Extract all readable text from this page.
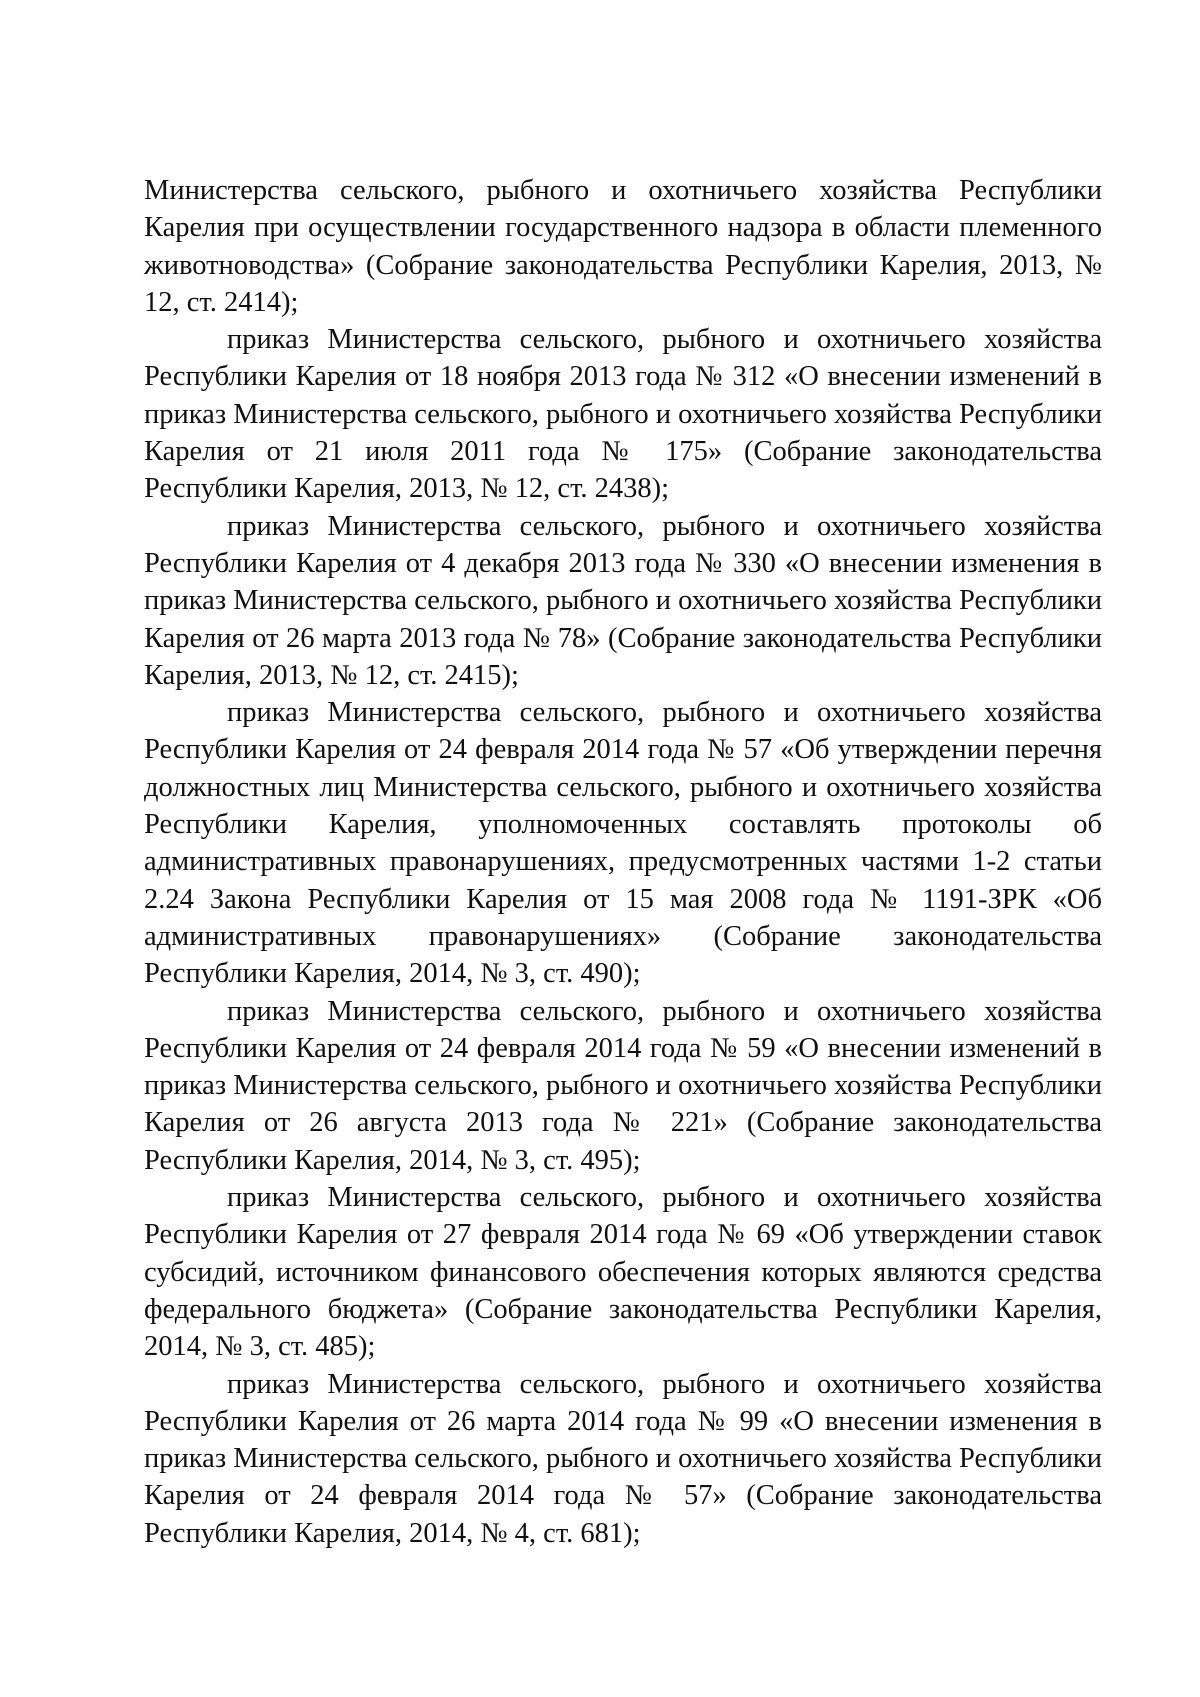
Министерства сельского, рыбного и охотничьего хозяйства Республики Карелия при осуществлении государственного надзора в области племенного животноводства» (Собрание законодательства Республики Карелия, 2013, № 12, ст. 2414);

приказ Министерства сельского, рыбного и охотничьего хозяйства Республики Карелия от 18 ноября 2013 года № 312 «О внесении изменений в приказ Министерства сельского, рыбного и охотничьего хозяйства Республики Карелия от 21 июля 2011 года № 175» (Собрание законодательства Республики Карелия, 2013, № 12, ст. 2438);

приказ Министерства сельского, рыбного и охотничьего хозяйства Республики Карелия от 4 декабря 2013 года № 330 «О внесении изменения в приказ Министерства сельского, рыбного и охотничьего хозяйства Республики Карелия от 26 марта 2013 года № 78» (Собрание законодательства Республики Карелия, 2013, № 12, ст. 2415);

приказ Министерства сельского, рыбного и охотничьего хозяйства Республики Карелия от 24 февраля 2014 года № 57 «Об утверждении перечня должностных лиц Министерства сельского, рыбного и охотничьего хозяйства Республики Карелия, уполномоченных составлять протоколы об административных правонарушениях, предусмотренных частями 1-2 статьи 2.24 Закона Республики Карелия от 15 мая 2008 года № 1191-ЗРК «Об административных правонарушениях» (Собрание законодательства Республики Карелия, 2014, № 3, ст. 490);

приказ Министерства сельского, рыбного и охотничьего хозяйства Республики Карелия от 24 февраля 2014 года № 59 «О внесении изменений в приказ Министерства сельского, рыбного и охотничьего хозяйства Республики Карелия от 26 августа 2013 года № 221» (Собрание законодательства Республики Карелия, 2014, № 3, ст. 495);

приказ Министерства сельского, рыбного и охотничьего хозяйства Республики Карелия от 27 февраля 2014 года № 69 «Об утверждении ставок субсидий, источником финансового обеспечения которых являются средства федерального бюджета» (Собрание законодательства Республики Карелия, 2014, № 3, ст. 485);

приказ Министерства сельского, рыбного и охотничьего хозяйства Республики Карелия от 26 марта 2014 года № 99 «О внесении изменения в приказ Министерства сельского, рыбного и охотничьего хозяйства Республики Карелия от 24 февраля 2014 года № 57» (Собрание законодательства Республики Карелия, 2014, № 4, ст. 681);
